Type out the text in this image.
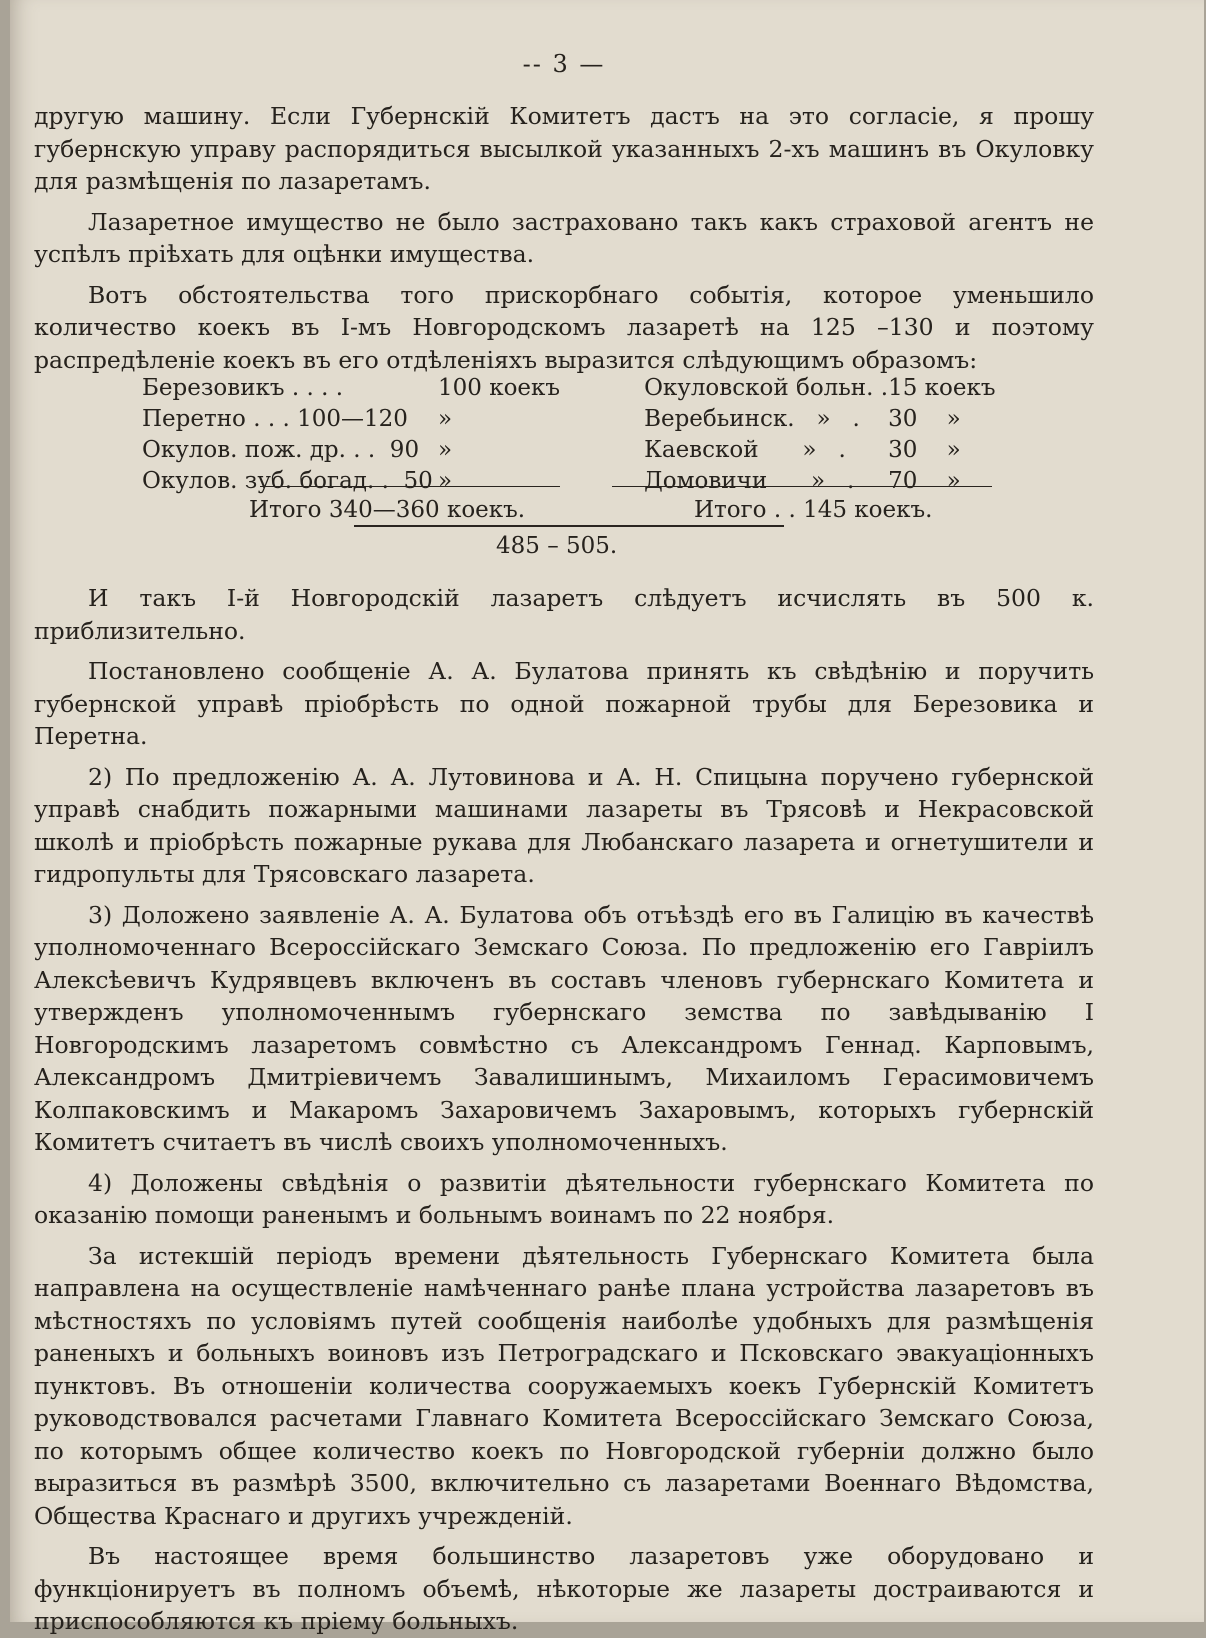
-- 3 —

другую машину. Если Губернскій Комитетъ дастъ на это согласіе, я прошу губернскую управу распорядиться высылкой указанныхъ 2-хъ машинъ въ Окуловку для размѣщенія по лазаретамъ.

Лазаретное имущество не было застраховано такъ какъ страховой агентъ не успѣлъ пріѣхать для оцѣнки имущества.

Вотъ обстоятельства того прискорбнаго событія, которое уменьшило количество коекъ въ I-мъ Новгородскомъ лазаретѣ на 125 –130 и поэтому распредѣленіе коекъ въ его отдѣленіяхъ выразится слѣдующимъ образомъ:

Березовикъ . . . .	100 коекъ		Окуловской больн. .	15 коекъ
Перетно . . . 100—120	»		Веребьинск.   »   .	30    »
Окулов. пож. др. . .  90	»		Каевской      »   .	30    »
Окулов. зуб. богад. .  50	»		Домовичи      »   .	70    »
Итого 340—360 коекъ.	Итого . . 145 коекъ.
485 – 505.

И такъ I-й Новгородскій лазаретъ слѣдуетъ исчислять въ 500 к. приблизительно.

Постановлено сообщеніе А. А. Булатова принять къ свѣдѣнію и поручить губернской управѣ пріобрѣсть по одной пожарной трубы для Березовика и Перетна.

2) По предложенію А. А. Лутовинова и А. Н. Спицына поручено губернской управѣ снабдить пожарными машинами лазареты въ Трясовѣ и Некрасовской школѣ и пріобрѣсть пожарные рукава для Любанскаго лазарета и огнетушители и гидропульты для Трясовскаго лазарета.

3) Доложено заявленіе А. А. Булатова объ отъѣздѣ его въ Галицію въ качествѣ уполномоченнаго Всероссійскаго Земскаго Союза. По предложенію его Гавріилъ Алексѣевичъ Кудрявцевъ включенъ въ составъ членовъ губернскаго Комитета и утвержденъ уполномоченнымъ губернскаго земства по завѣдыванію I Новгородскимъ лазаретомъ совмѣстно съ Александромъ Геннад. Карповымъ, Александромъ Дмитріевичемъ Завалишинымъ, Михаиломъ Герасимовичемъ Колпаковскимъ и Макаромъ Захаровичемъ Захаровымъ, которыхъ губернскій Комитетъ считаетъ въ числѣ своихъ уполномоченныхъ.

4) Доложены свѣдѣнія о развитіи дѣятельности губернскаго Комитета по оказанію помощи раненымъ и больнымъ воинамъ по 22 ноября.

За истекшій періодъ времени дѣятельность Губернскаго Комитета была направлена на осуществленіе намѣченнаго ранѣе плана устройства лазаретовъ въ мѣстностяхъ по условіямъ путей сообщенія наиболѣе удобныхъ для размѣщенія раненыхъ и больныхъ воиновъ изъ Петроградскаго и Псковскаго эвакуаціонныхъ пунктовъ. Въ отношеніи количества сооружаемыхъ коекъ Губернскій Комитетъ руководствовался расчетами Главнаго Комитета Всероссійскаго Земскаго Союза, по которымъ общее количество коекъ по Новгородской губерніи должно было выразиться въ размѣрѣ 3500, включительно съ лазаретами Военнаго Вѣдомства, Общества Краснаго и другихъ учрежденій.

Въ настоящее время большинство лазаретовъ уже оборудовано и функціонируетъ въ полномъ объемѣ, нѣкоторые же лазареты достраиваются и приспособляются къ пріему больныхъ.
